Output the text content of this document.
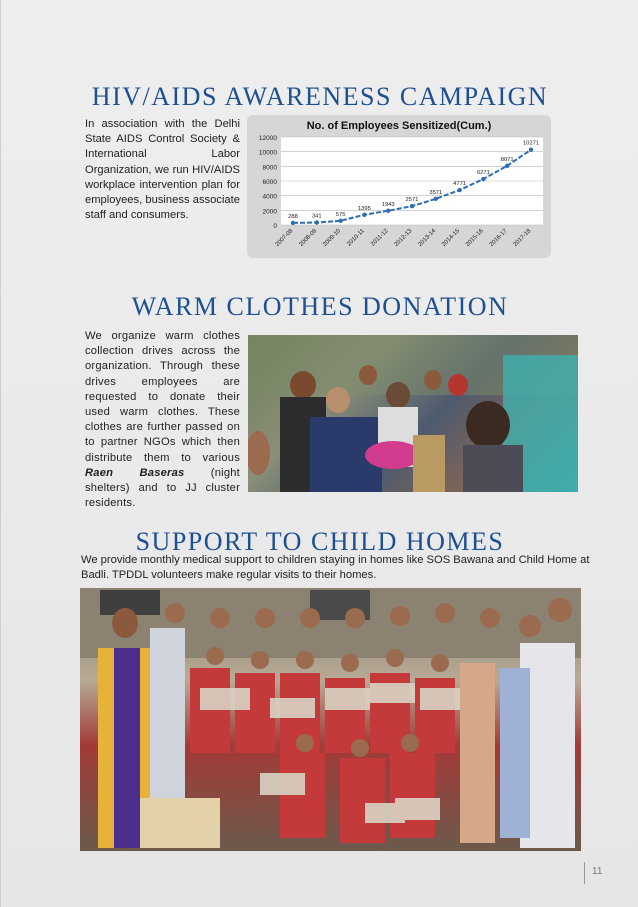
HIV/AIDS AWARENESS CAMPAIGN

In association with the Delhi State AIDS Control Society & International Labor Organization, we run HIV/AIDS workplace intervention plan for employees, business associate staff and consumers.

No. of Employees Sensitized(Cum.)
0
2000
4000
6000
8000
10000
12000
288 341 575
1395
1943
2571
3571
4771
6271
8071
10271
2007-08 2008-09 2009-10 2010-11 2011-12 2012-13 2013-14 2014-15 2015-16 2016-17 2017-18
WARM CLOTHES DONATION

We organize warm clothes collection drives across the organization. Through these drives employees are requested to donate their used warm clothes. These clothes are further passed on to partner NGOs which then distribute them to various Raen Baseras (night shelters) and to JJ cluster residents.

SUPPORT TO CHILD HOMES

We provide monthly medical support to children staying in homes like SOS Bawana and Child Home at Badli. TPDDL volunteers make regular visits to their homes.

11
